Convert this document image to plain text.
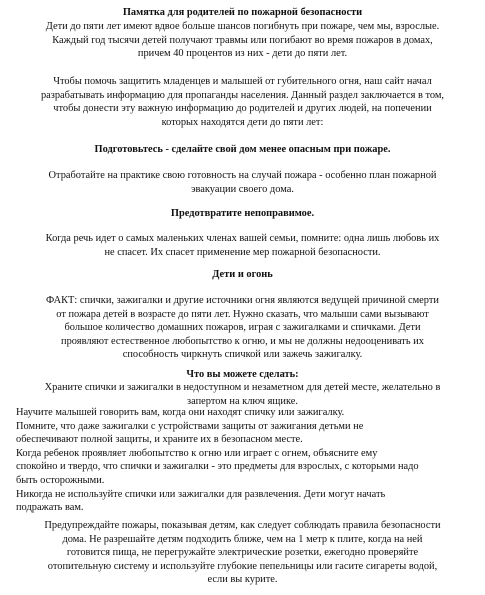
Памятка для родителей по пожарной безопасности

Дети до пяти лет имеют вдвое больше шансов погибнуть при пожаре, чем мы, взрослые.
Каждый год тысячи детей получают травмы или погибают во время пожаров в домах,
причем 40 процентов из них - дети до пяти лет.

Чтобы помочь защитить младенцев и малышей от губительного огня, наш сайт начал
разрабатывать информацию для пропаганды населения. Данный раздел заключается в том,
чтобы донести эту важную информацию до родителей и других людей, на попечении
которых находятся дети до пяти лет:

Подготовьтесь - сделайте свой дом менее опасным при пожаре.

Отработайте на практике свою готовность на случай пожара - особенно план пожарной
эвакуации своего дома.

Предотвратите непоправимое.

Когда речь идет о самых маленьких членах вашей семьи, помните: одна лишь любовь их
не спасет. Их спасет применение мер пожарной безопасности.

Дети и огонь

ФАКТ: спички, зажигалки и другие источники огня являются ведущей причиной смерти
от пожара детей в возрасте до пяти лет. Нужно сказать, что малыши сами вызывают
большое количество домашних пожаров, играя с зажигалками и спичками. Дети
проявляют естественное любопытство к огню, и мы не должны недооценивать их
способность чиркнуть спичкой или зажечь зажигалку.

Что вы можете сделать:

Храните спички и зажигалки в недоступном и незаметном для детей месте, желательно в
запертом на ключ ящике.

Научите малышей говорить вам, когда они находят спичку или зажигалку.
Помните, что даже зажигалки с устройствами защиты от зажигания детьми не
обеспечивают полной защиты, и храните их в безопасном месте.
Когда ребенок проявляет любопытство к огню или играет с огнем, объясните ему
спокойно и твердо, что спички и зажигалки - это предметы для взрослых, с которыми надо
быть осторожными.
Никогда не используйте спички или зажигалки для развлечения. Дети могут начать
подражать вам.

Предупреждайте пожары, показывая детям, как следует соблюдать правила безопасности
дома. Не разрешайте детям подходить ближе, чем на 1 метр к плите, когда на ней
готовится пища, не перегружайте электрические розетки, ежегодно проверяйте
отопительную систему и используйте глубокие пепельницы или гасите сигареты водой,
если вы курите.
